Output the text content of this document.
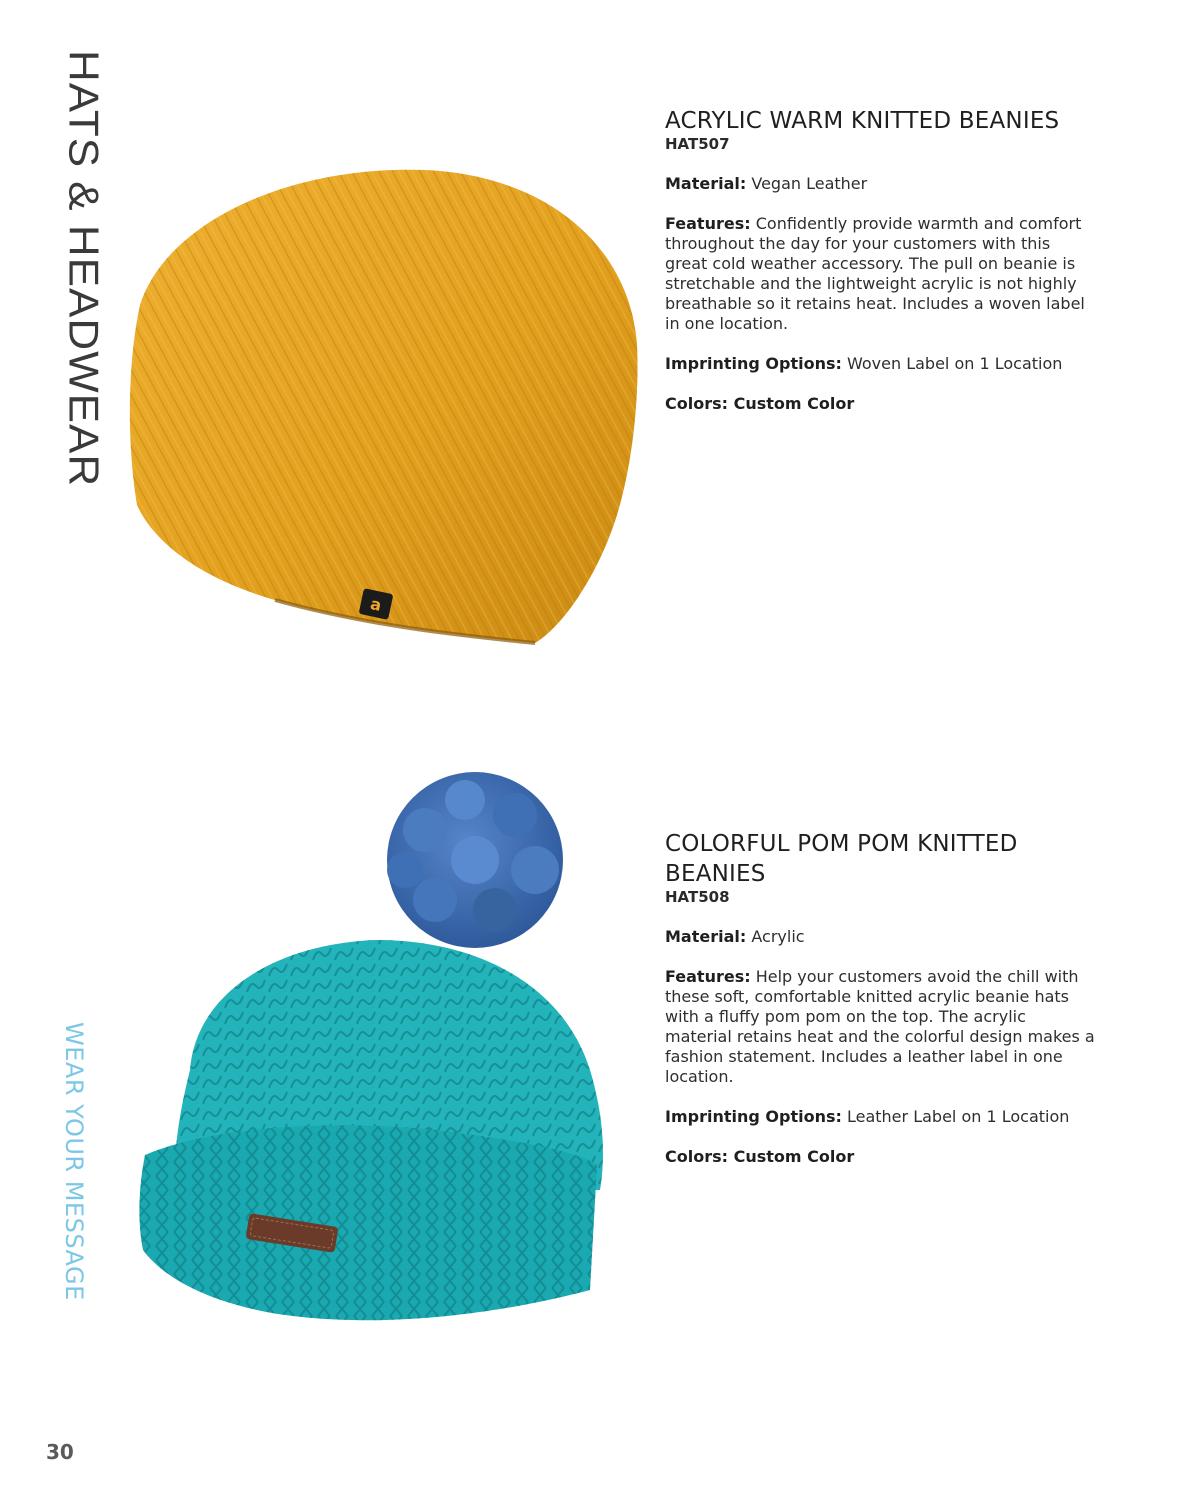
HATS & HEADWEAR
WEAR YOUR MESSAGE
30
a
ACRYLIC WARM KNITTED BEANIES
HAT507

Material: Vegan Leather

Features: Confidently provide warmth and comfort throughout the day for your customers with this great cold weather accessory. The pull on beanie is stretchable and the lightweight acrylic is not highly breathable so it retains heat. Includes a woven label in one location.

Imprinting Options: Woven Label on 1 Location

Colors: Custom Color

COLORFUL POM POM KNITTED BEANIES
HAT508

Material: Acrylic

Features: Help your customers avoid the chill with these soft, comfortable knitted acrylic beanie hats with a fluffy pom pom on the top. The acrylic material retains heat and the colorful design makes a fashion statement. Includes a leather label in one location.

Imprinting Options: Leather Label on 1 Location

Colors: Custom Color
